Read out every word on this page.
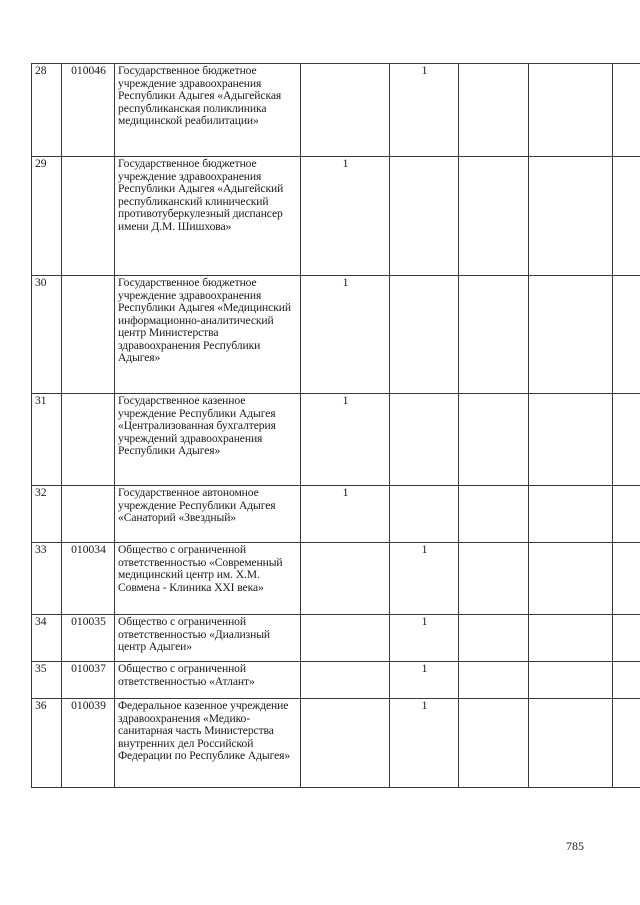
28	010046	Государственное бюджетное учреждение здравоохранения Республики Адыгея «Адыгейская республиканская поликлиника медицинской реабилитации»		1				
29		Государственное бюджетное учреждение здравоохранения Республики Адыгея «Адыгейский республиканский клинический противотуберкулезный диспансер имени Д.М. Шишхова»	1					
30		Государственное бюджетное учреждение здравоохранения Республики Адыгея «Медицинский информационно-аналитический центр Министерства здравоохранения Республики Адыгея»	1					
31		Государственное казенное учреждение Республики Адыгея «Централизованная бухгалтерия учреждений здравоохранения Республики Адыгея»	1					
32		Государственное автономное учреждение Республики Адыгея «Санаторий «Звездный»	1					
33	010034	Общество с ограниченной ответственностью «Современный медицинский центр им. Х.М. Совмена - Клиника XXI века»		1				
34	010035	Общество с ограниченной ответственностью «Диализный центр Адыгеи»		1				
35	010037	Общество с ограниченной ответственностью «Атлант»		1				
36	010039	Федеральное казенное учреждение здравоохранения «Медико-санитарная часть Министерства внутренних дел Российской Федерации по Республике Адыгея»		1				
785
